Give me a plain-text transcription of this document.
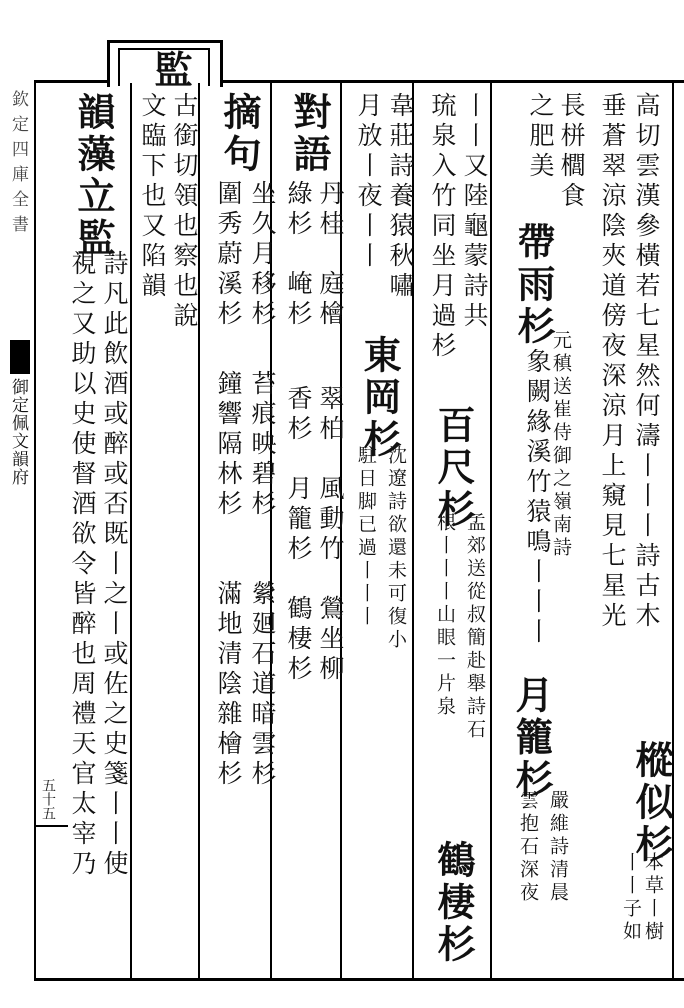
欽定四庫全書
御定佩文韻府
五十五
監
高切雲漢參橫若七星然何濤丨丨丨詩古木
樅似杉
本草丨樹
丨丨子如
垂蒼翠涼陰夾道傍夜深涼月上窺見七星光
長栟櫚食
之肥美
帶雨杉
元稹送崔侍御之嶺南詩
象闕緣溪竹猿鳴丨丨丨
月籠杉
嚴維詩清晨
雲抱石深夜
丨丨又陸龜蒙詩共
琉泉入竹同坐月過杉
百尺杉
孟郊送從叔簡赴舉詩石
根丨丨丨山眼一片泉
鶴棲杉
韋莊詩養猿秋嘯
月放丨夜丨丨
東岡杉
沈遼詩欲還未可復小
駐日脚已過丨丨丨
對語
丹桂
綠杉
庭檜
崦杉
翠柏
香杉
風動竹
月籠杉
鶯坐柳
鶴棲杉
摘句
坐久月移杉
圍秀蔚溪杉
苔痕映碧杉
鐘響隔林杉
縈廻石道暗雲杉
滿地清陰雜檜杉
古銜切領也察也說
文臨下也又陷韻
韻藻立監
詩凡此飲酒或醉或否既丨之丨或佐之史箋丨丨使
視之又助以史使督酒欲令皆醉也周禮天官太宰乃
